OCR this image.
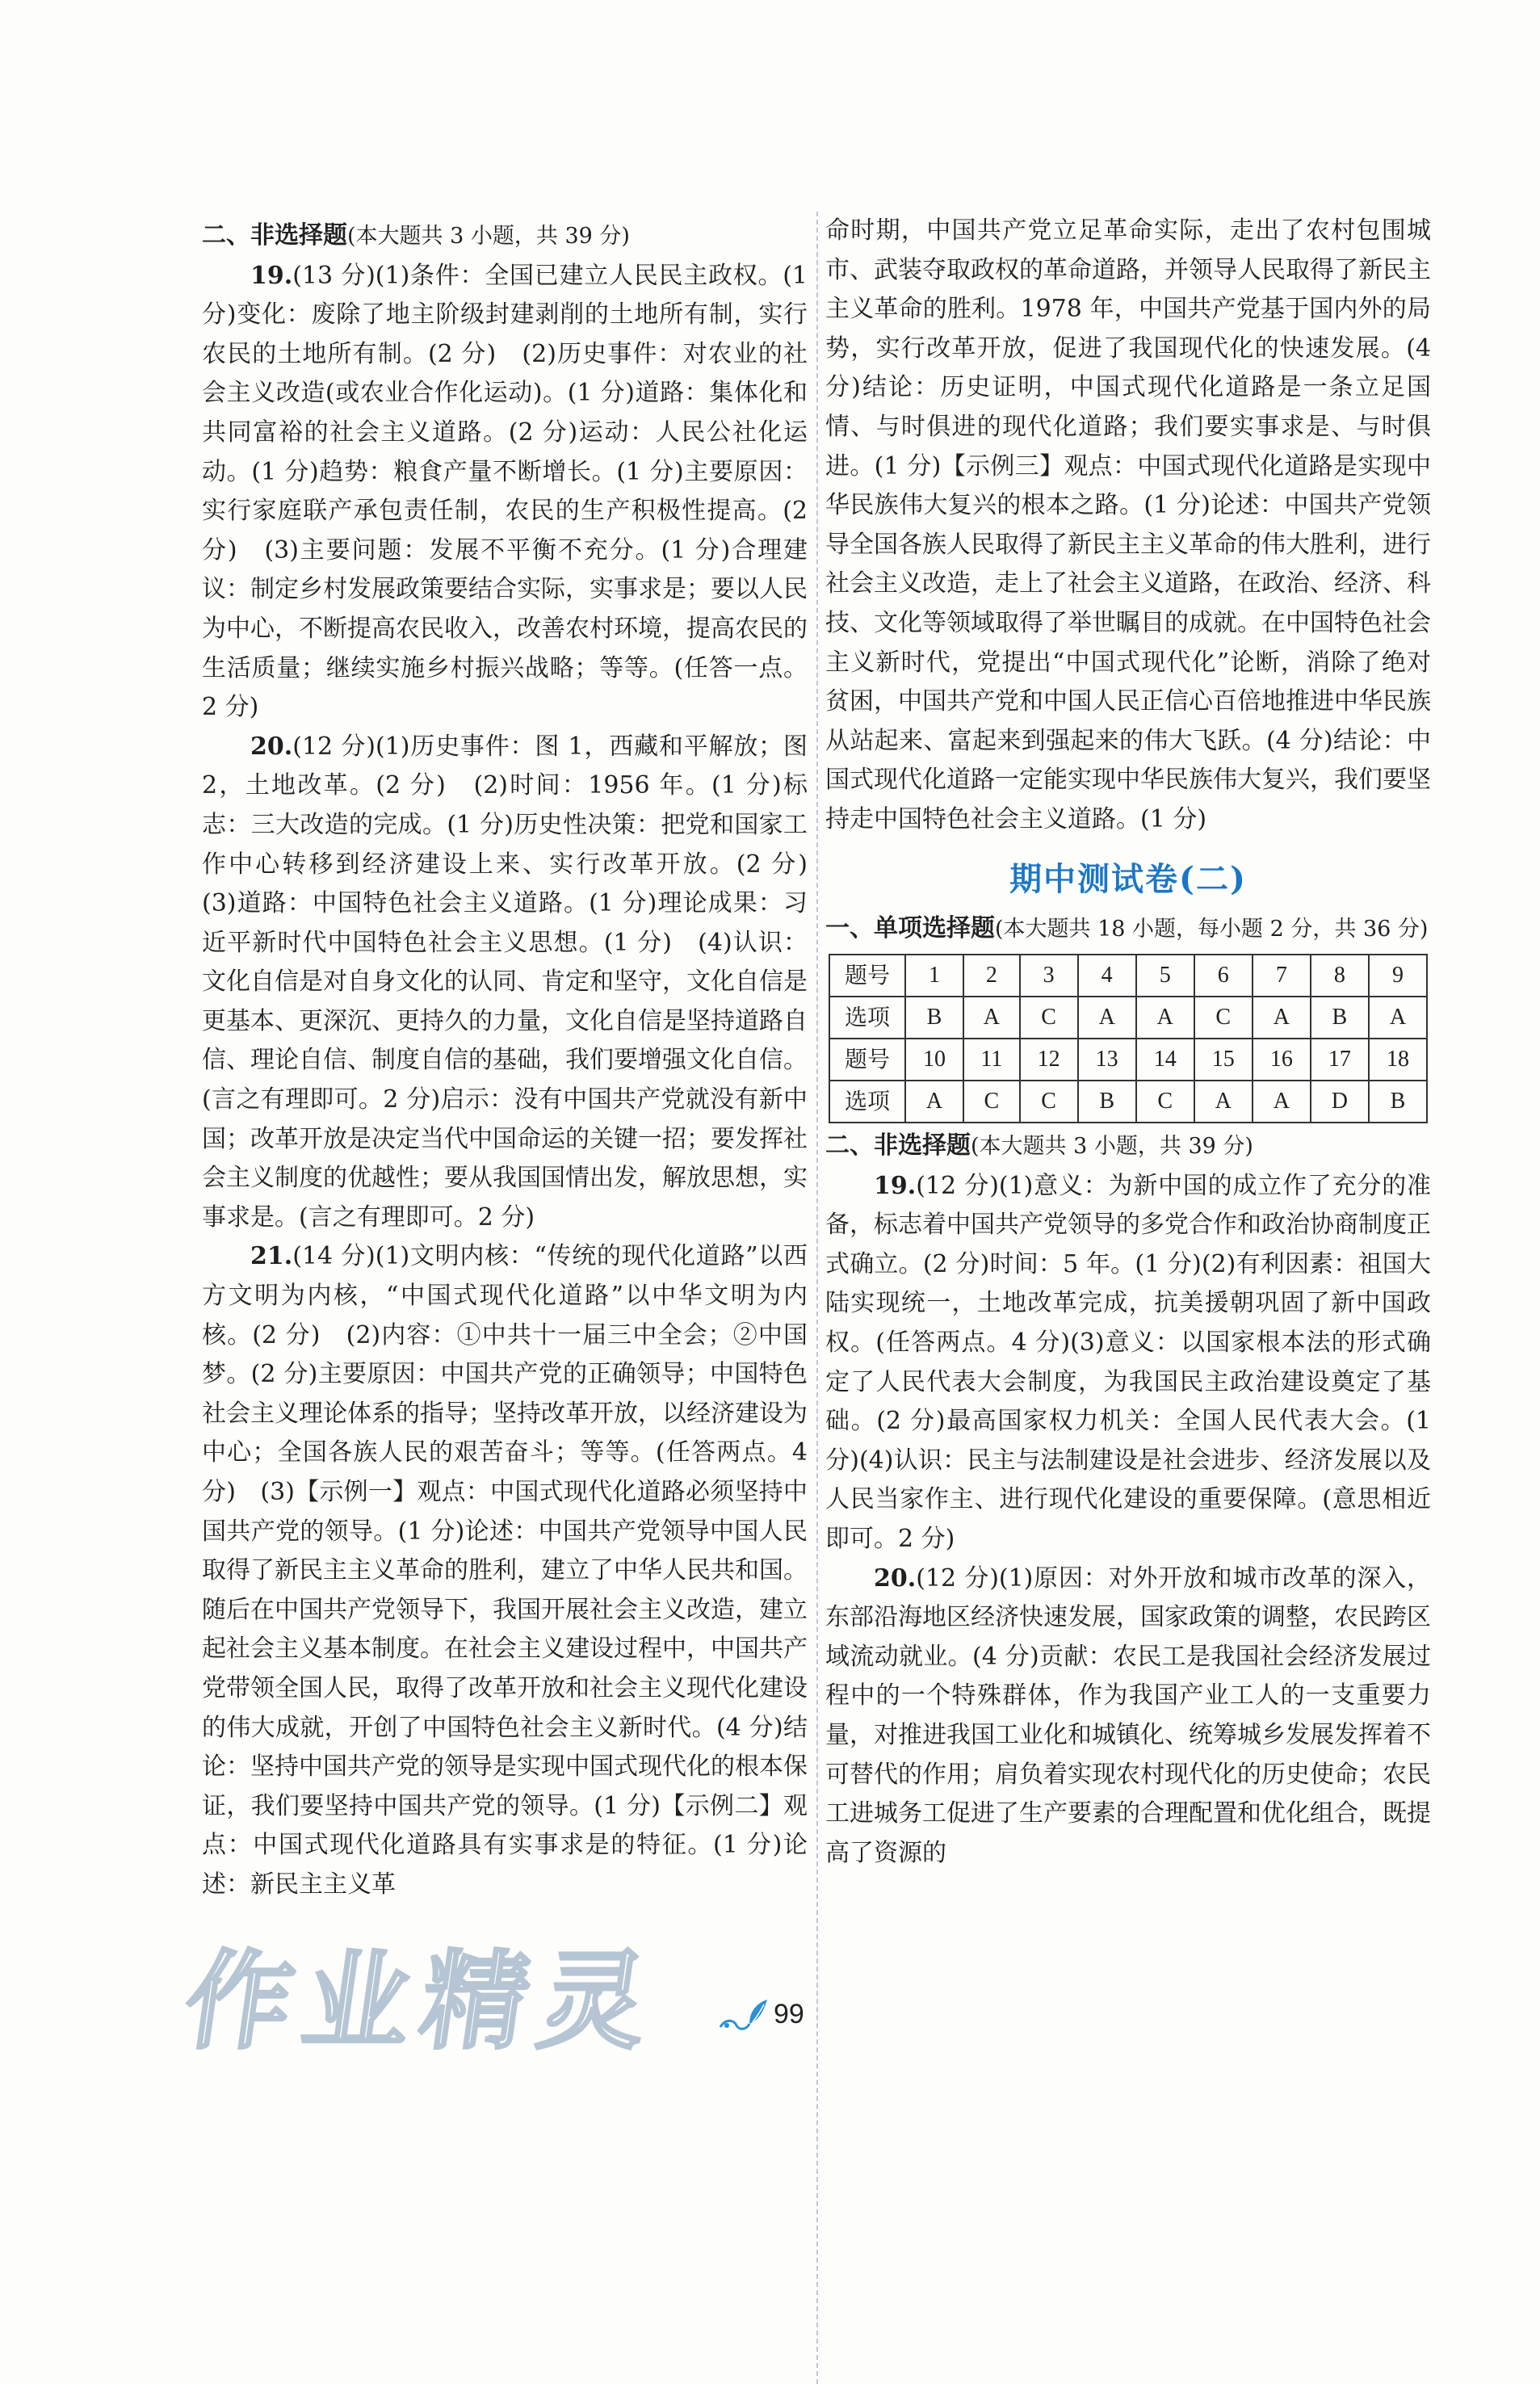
二、非选择题(本大题共 3 小题，共 39 分)

19.(13 分)(1)条件：全国已建立人民民主政权。(1 分)变化：废除了地主阶级封建剥削的土地所有制，实行农民的土地所有制。(2 分)　(2)历史事件：对农业的社会主义改造(或农业合作化运动)。(1 分)道路：集体化和共同富裕的社会主义道路。(2 分)运动：人民公社化运动。(1 分)趋势：粮食产量不断增长。(1 分)主要原因：实行家庭联产承包责任制，农民的生产积极性提高。(2 分)　(3)主要问题：发展不平衡不充分。(1 分)合理建议：制定乡村发展政策要结合实际，实事求是；要以人民为中心，不断提高农民收入，改善农村环境，提高农民的生活质量；继续实施乡村振兴战略；等等。(任答一点。2 分)

20.(12 分)(1)历史事件：图 1，西藏和平解放；图 2，土地改革。(2 分)　(2)时间：1956 年。(1 分)标志：三大改造的完成。(1 分)历史性决策：把党和国家工作中心转移到经济建设上来、实行改革开放。(2 分)　(3)道路：中国特色社会主义道路。(1 分)理论成果：习近平新时代中国特色社会主义思想。(1 分)　(4)认识：文化自信是对自身文化的认同、肯定和坚守，文化自信是更基本、更深沉、更持久的力量，文化自信是坚持道路自信、理论自信、制度自信的基础，我们要增强文化自信。(言之有理即可。2 分)启示：没有中国共产党就没有新中国；改革开放是决定当代中国命运的关键一招；要发挥社会主义制度的优越性；要从我国国情出发，解放思想，实事求是。(言之有理即可。2 分)

21.(14 分)(1)文明内核：“传统的现代化道路”以西方文明为内核，“中国式现代化道路”以中华文明为内核。(2 分)　(2)内容：①中共十一届三中全会；②中国梦。(2 分)主要原因：中国共产党的正确领导；中国特色社会主义理论体系的指导；坚持改革开放，以经济建设为中心；全国各族人民的艰苦奋斗；等等。(任答两点。4 分)　(3)【示例一】观点：中国式现代化道路必须坚持中国共产党的领导。(1 分)论述：中国共产党领导中国人民取得了新民主主义革命的胜利，建立了中华人民共和国。随后在中国共产党领导下，我国开展社会主义改造，建立起社会主义基本制度。在社会主义建设过程中，中国共产党带领全国人民，取得了改革开放和社会主义现代化建设的伟大成就，开创了中国特色社会主义新时代。(4 分)结论：坚持中国共产党的领导是实现中国式现代化的根本保证，我们要坚持中国共产党的领导。(1 分)【示例二】观点：中国式现代化道路具有实事求是的特征。(1 分)论述：新民主主义革

命时期，中国共产党立足革命实际，走出了农村包围城市、武装夺取政权的革命道路，并领导人民取得了新民主主义革命的胜利。1978 年，中国共产党基于国内外的局势，实行改革开放，促进了我国现代化的快速发展。(4 分)结论：历史证明，中国式现代化道路是一条立足国情、与时俱进的现代化道路；我们要实事求是、与时俱进。(1 分)【示例三】观点：中国式现代化道路是实现中华民族伟大复兴的根本之路。(1 分)论述：中国共产党领导全国各族人民取得了新民主主义革命的伟大胜利，进行社会主义改造，走上了社会主义道路，在政治、经济、科技、文化等领域取得了举世瞩目的成就。在中国特色社会主义新时代，党提出“中国式现代化”论断，消除了绝对贫困，中国共产党和中国人民正信心百倍地推进中华民族从站起来、富起来到强起来的伟大飞跃。(4 分)结论：中国式现代化道路一定能实现中华民族伟大复兴，我们要坚持走中国特色社会主义道路。(1 分)

期中测试卷(二)

一、单项选择题(本大题共 18 小题，每小题 2 分，共 36 分)

题号	1	2	3	4	5	6	7	8	9
选项	B	A	C	A	A	C	A	B	A
题号	10	11	12	13	14	15	16	17	18
选项	A	C	C	B	C	A	A	D	B

二、非选择题(本大题共 3 小题，共 39 分)

19.(12 分)(1)意义：为新中国的成立作了充分的准备，标志着中国共产党领导的多党合作和政治协商制度正式确立。(2 分)时间：5 年。(1 分)(2)有利因素：祖国大陆实现统一，土地改革完成，抗美援朝巩固了新中国政权。(任答两点。4 分)(3)意义：以国家根本法的形式确定了人民代表大会制度，为我国民主政治建设奠定了基础。(2 分)最高国家权力机关：全国人民代表大会。(1 分)(4)认识：民主与法制建设是社会进步、经济发展以及人民当家作主、进行现代化建设的重要保障。(意思相近即可。2 分)

20.(12 分)(1)原因：对外开放和城市改革的深入，东部沿海地区经济快速发展，国家政策的调整，农民跨区域流动就业。(4 分)贡献：农民工是我国社会经济发展过程中的一个特殊群体，作为我国产业工人的一支重要力量，对推进我国工业化和城镇化、统筹城乡发展发挥着不可替代的作用；肩负着实现农村现代化的历史使命；农民工进城务工促进了生产要素的合理配置和优化组合，既提高了资源的

作业精灵	99
